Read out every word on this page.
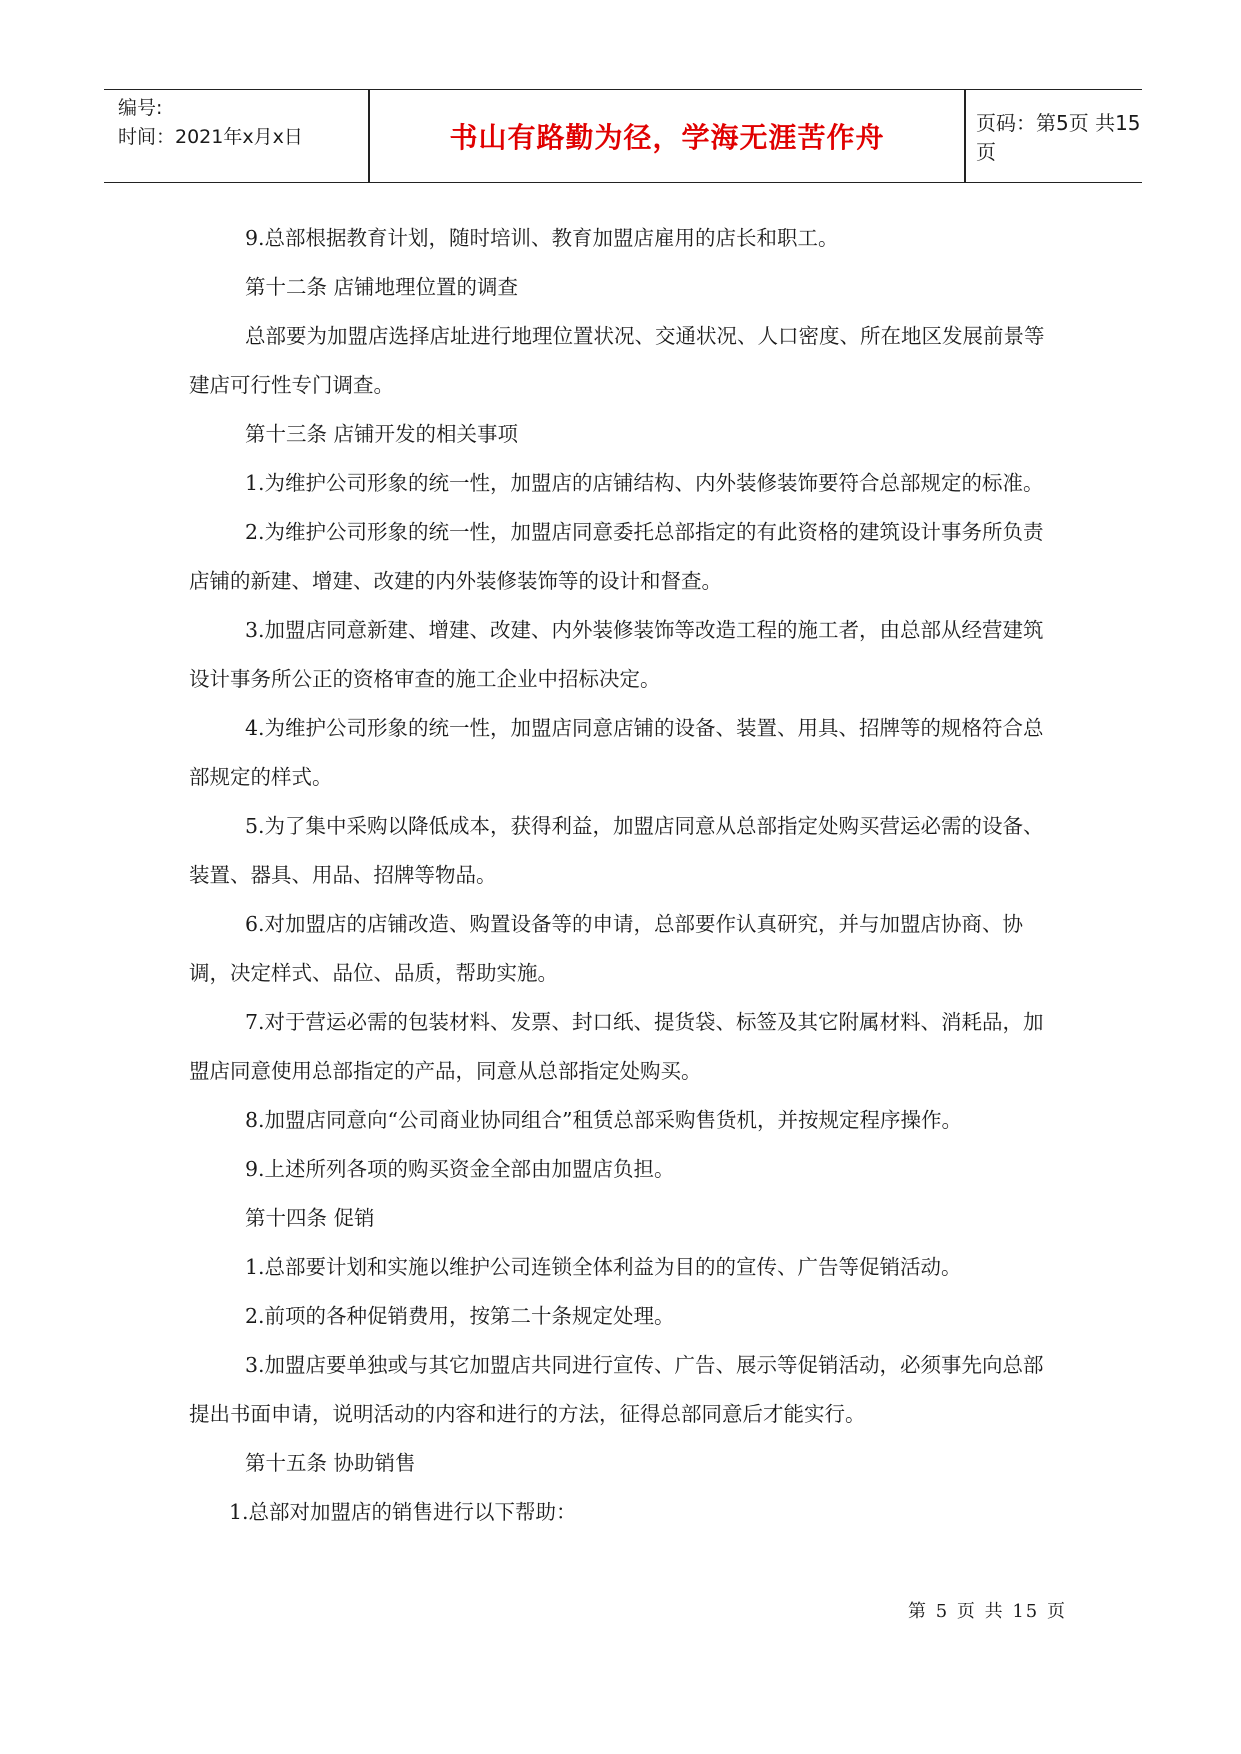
编号:
时间：2021年x月x日	书山有路勤为径，学海无涯苦作舟	页码：第5页 共15页

9.总部根据教育计划，随时培训、教育加盟店雇用的店长和职工。

第十二条 店铺地理位置的调查

总部要为加盟店选择店址进行地理位置状况、交通状况、人口密度、所在地区发展前景等建店可行性专门调查。

第十三条 店铺开发的相关事项

1.为维护公司形象的统一性，加盟店的店铺结构、内外装修装饰要符合总部规定的标准。

2.为维护公司形象的统一性，加盟店同意委托总部指定的有此资格的建筑设计事务所负责店铺的新建、增建、改建的内外装修装饰等的设计和督查。

3.加盟店同意新建、增建、改建、内外装修装饰等改造工程的施工者，由总部从经营建筑设计事务所公正的资格审查的施工企业中招标决定。

4.为维护公司形象的统一性，加盟店同意店铺的设备、装置、用具、招牌等的规格符合总部规定的样式。

5.为了集中采购以降低成本，获得利益，加盟店同意从总部指定处购买营运必需的设备、装置、器具、用品、招牌等物品。

6.对加盟店的店铺改造、购置设备等的申请，总部要作认真研究，并与加盟店协商、协调，决定样式、品位、品质，帮助实施。

7.对于营运必需的包装材料、发票、封口纸、提货袋、标签及其它附属材料、消耗品，加盟店同意使用总部指定的产品，同意从总部指定处购买。

8.加盟店同意向“公司商业协同组合”租赁总部采购售货机，并按规定程序操作。

9.上述所列各项的购买资金全部由加盟店负担。

第十四条 促销

1.总部要计划和实施以维护公司连锁全体利益为目的的宣传、广告等促销活动。

2.前项的各种促销费用，按第二十条规定处理。

3.加盟店要单独或与其它加盟店共同进行宣传、广告、展示等促销活动，必须事先向总部提出书面申请，说明活动的内容和进行的方法，征得总部同意后才能实行。

第十五条 协助销售

1.总部对加盟店的销售进行以下帮助：

第 5 页 共 15 页
